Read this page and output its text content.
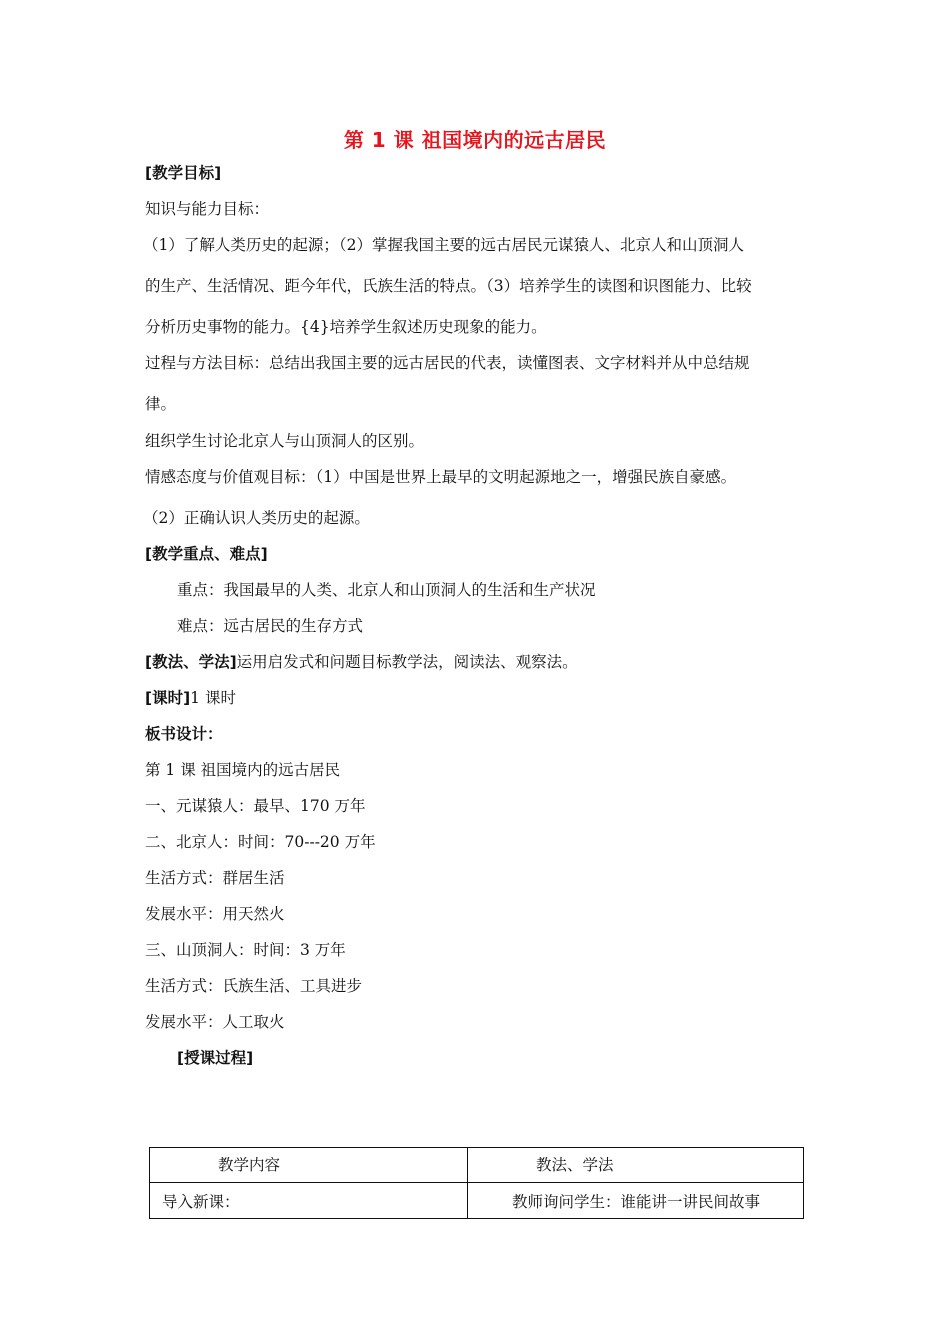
第 1 课 祖国境内的远古居民
[教学目标]
知识与能力目标：
（1）了解人类历史的起源；（2）掌握我国主要的远古居民元谋猿人、北京人和山顶洞人
的生产、生活情况、距今年代，氏族生活的特点。（3）培养学生的读图和识图能力、比较
分析历史事物的能力。{4}培养学生叙述历史现象的能力。
过程与方法目标：总结出我国主要的远古居民的代表，读懂图表、文字材料并从中总结规
律。
组织学生讨论北京人与山顶洞人的区别。
情感态度与价值观目标：（1）中国是世界上最早的文明起源地之一，增强民族自豪感。
（2）正确认识人类历史的起源。
[教学重点、难点]
重点：我国最早的人类、北京人和山顶洞人的生活和生产状况
难点：远古居民的生存方式
[教法、学法]运用启发式和问题目标教学法，阅读法、观察法。
[课时]1 课时
板书设计：
第 1 课 祖国境内的远古居民
一、元谋猿人：最早、170 万年
二、北京人：时间：70---20 万年
生活方式：群居生活
发展水平：用天然火
三、山顶洞人：时间：3 万年
生活方式：氏族生活、工具进步
发展水平：人工取火
[授课过程]
教学内容	教法、学法
导入新课：	教师询问学生：谁能讲一讲民间故事
